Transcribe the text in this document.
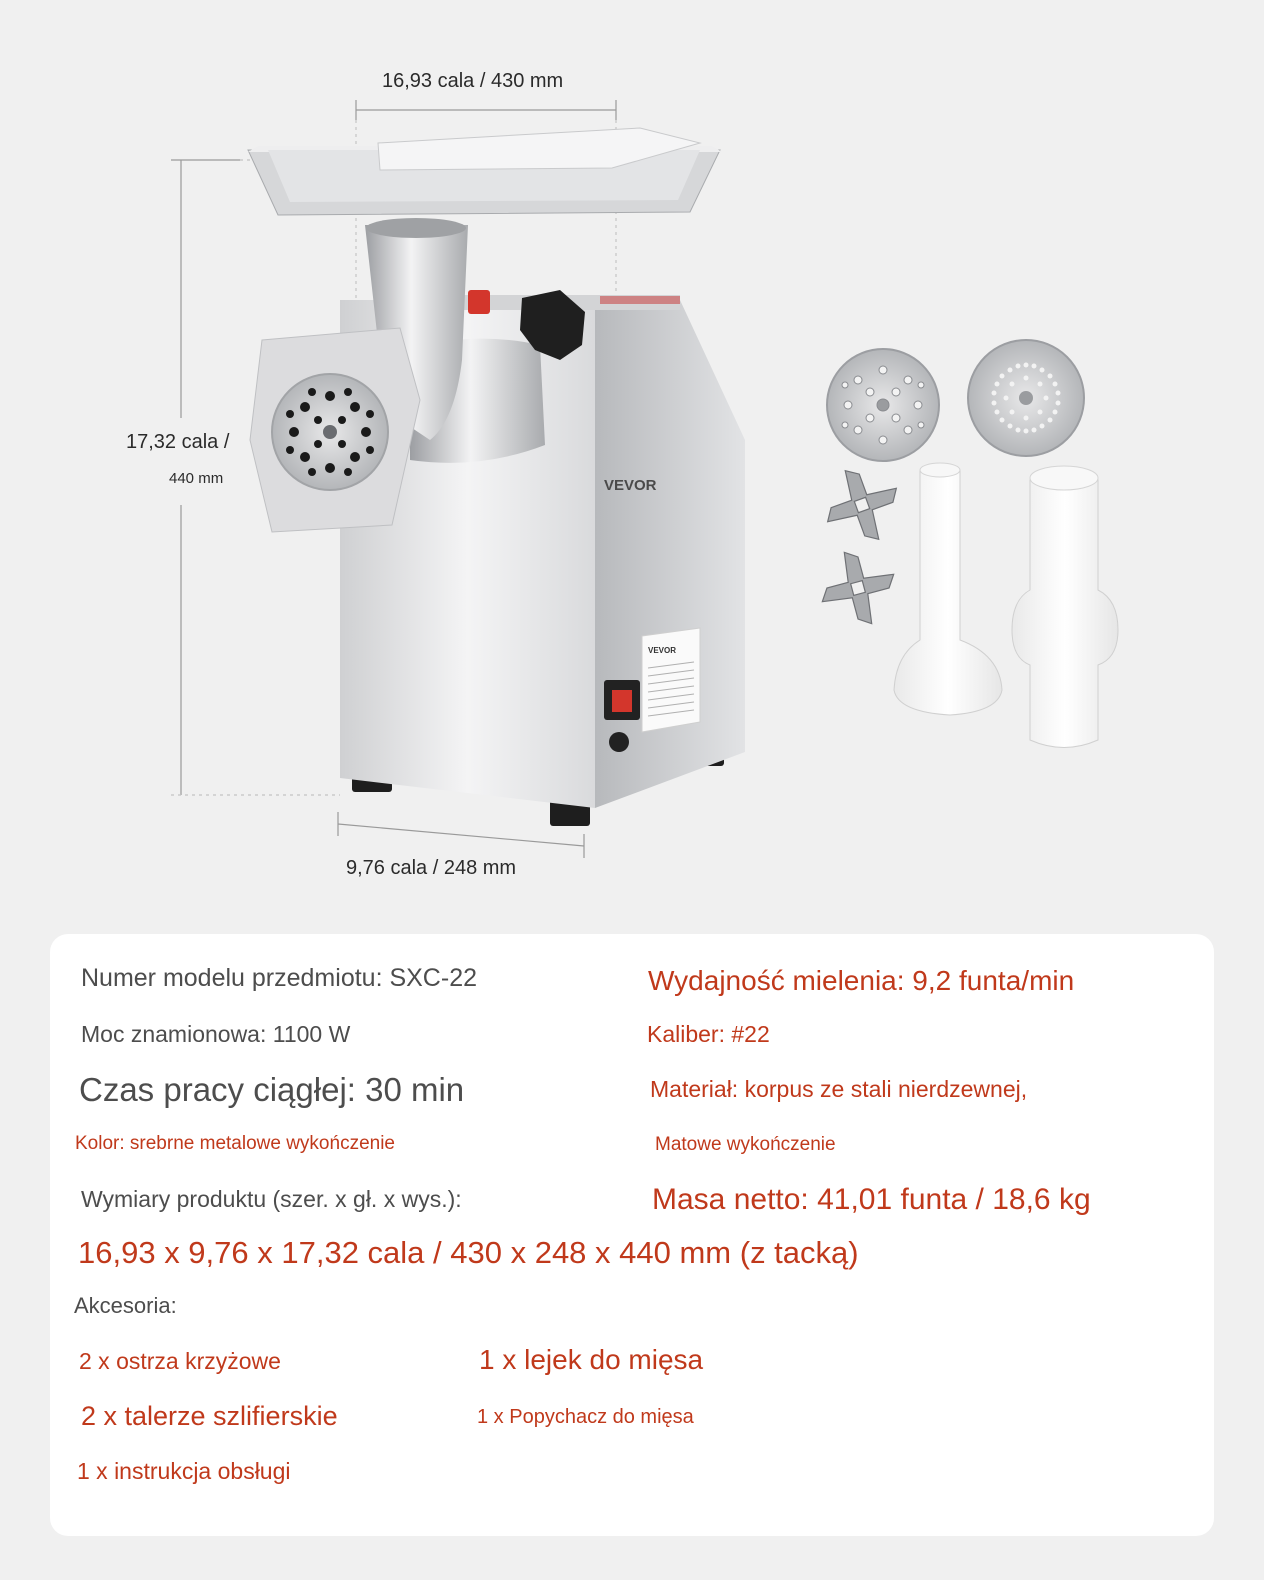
VEVOR
VEVOR
16,93 cala / 430 mm
17,32 cala /
440 mm
9,76 cala / 248 mm
Numer modelu przedmiotu: SXC-22
Moc znamionowa: 1100 W
Czas pracy ciągłej: 30 min
Kolor: srebrne metalowe wykończenie
Wymiary produktu (szer. x gł. x wys.):
16,93 x 9,76 x 17,32 cala / 430 x 248 x 440 mm (z tacką)
Wydajność mielenia: 9,2 funta/min
Kaliber: #22
Materiał: korpus ze stali nierdzewnej,
Matowe wykończenie
Masa netto: 41,01 funta / 18,6 kg
Akcesoria:
2 x ostrza krzyżowe	1 x lejek do mięsa
2 x talerze szlifierskie	1 x Popychacz do mięsa
1 x instrukcja obsługi
